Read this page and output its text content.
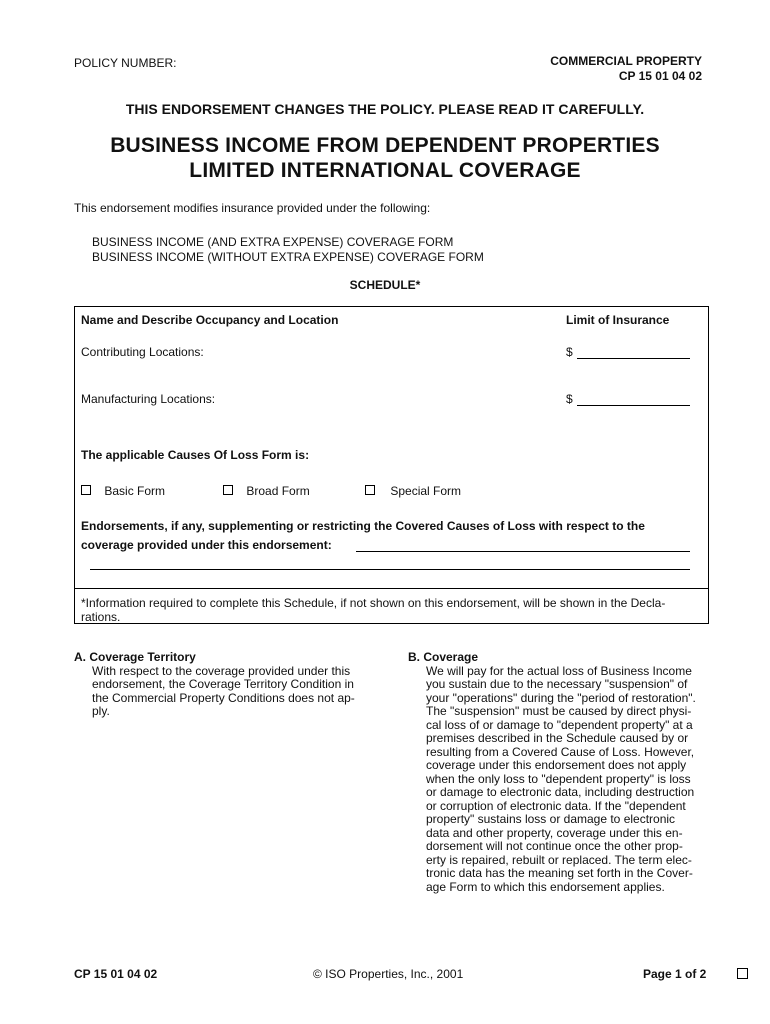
POLICY NUMBER:	COMMERCIAL PROPERTY
CP 15 01 04 02
THIS ENDORSEMENT CHANGES THE POLICY. PLEASE READ IT CAREFULLY.
BUSINESS INCOME FROM DEPENDENT PROPERTIES
LIMITED INTERNATIONAL COVERAGE
This endorsement modifies insurance provided under the following:
BUSINESS INCOME (AND EXTRA EXPENSE) COVERAGE FORM
BUSINESS INCOME (WITHOUT EXTRA EXPENSE) COVERAGE FORM
SCHEDULE*
Name and Describe Occupancy and Location	Limit of Insurance
Contributing Locations:	$
Manufacturing Locations:	$
The applicable Causes Of Loss Form is:
Basic Form	Broad Form	Special Form
Endorsements, if any, supplementing or restricting the Covered Causes of Loss with respect to the
coverage provided under this endorsement:
*Information required to complete this Schedule, if not shown on this endorsement, will be shown in the Decla-
rations.
A. Coverage Territory
With respect to the coverage provided under this
endorsement, the Coverage Territory Condition in
the Commercial Property Conditions does not ap-
ply.
B. Coverage
We will pay for the actual loss of Business Income
you sustain due to the necessary "suspension" of
your "operations" during the "period of restoration".
The "suspension" must be caused by direct physi-
cal loss of or damage to "dependent property" at a
premises described in the Schedule caused by or
resulting from a Covered Cause of Loss. However,
coverage under this endorsement does not apply
when the only loss to "dependent property" is loss
or damage to electronic data, including destruction
or corruption of electronic data. If the "dependent
property" sustains loss or damage to electronic
data and other property, coverage under this en-
dorsement will not continue once the other prop-
erty is repaired, rebuilt or replaced. The term elec-
tronic data has the meaning set forth in the Cover-
age Form to which this endorsement applies.
CP 15 01 04 02	© ISO Properties, Inc., 2001	Page 1 of 2
